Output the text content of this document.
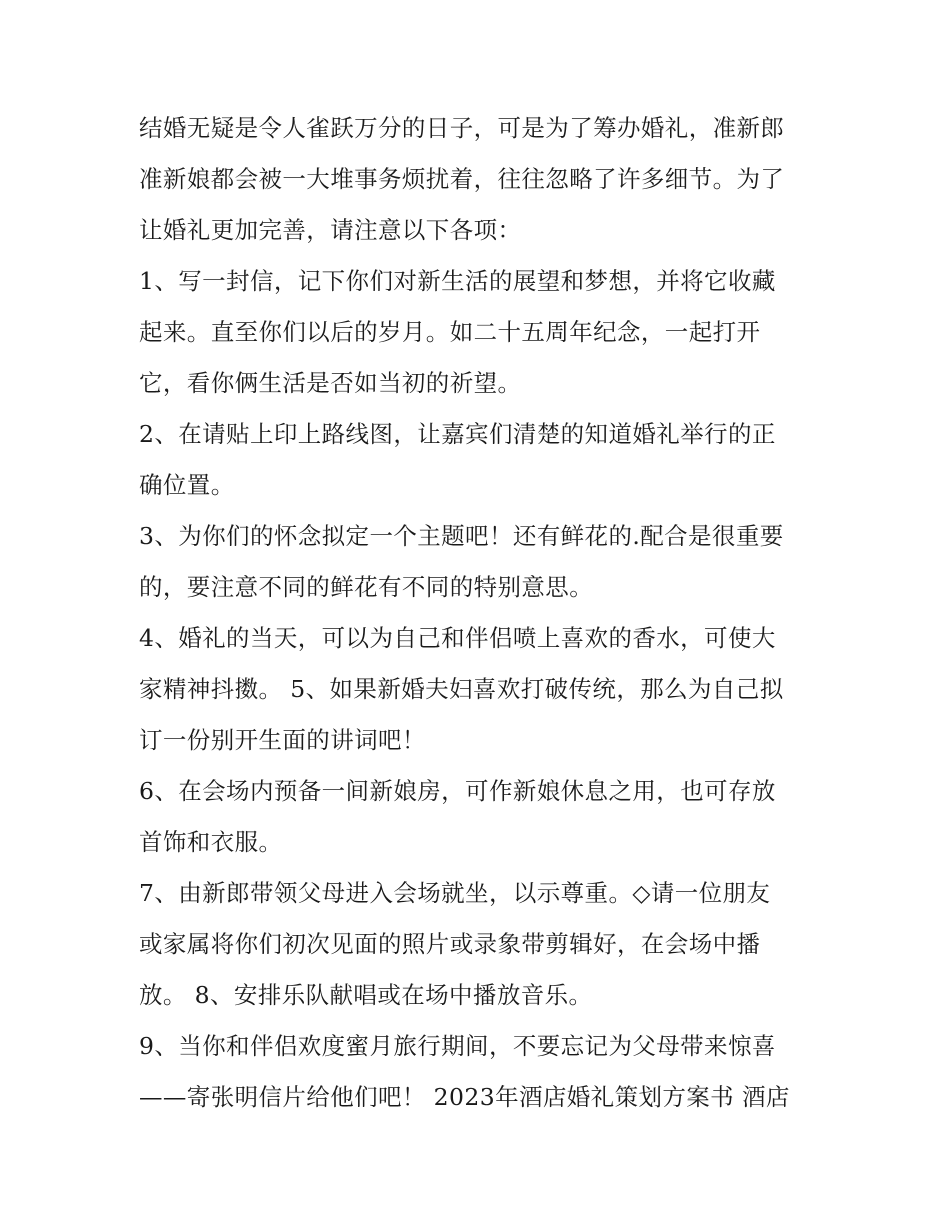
结婚无疑是令人雀跃万分的日子，可是为了筹办婚礼，准新郎
准新娘都会被一大堆事务烦扰着，往往忽略了许多细节。为了
让婚礼更加完善，请注意以下各项：
1、写一封信，记下你们对新生活的展望和梦想，并将它收藏
起来。直至你们以后的岁月。如二十五周年纪念，一起打开
它，看你俩生活是否如当初的祈望。
2、在请贴上印上路线图，让嘉宾们清楚的知道婚礼举行的正
确位置。
3、为你们的怀念拟定一个主题吧！还有鲜花的.配合是很重要
的，要注意不同的鲜花有不同的特别意思。
4、婚礼的当天，可以为自己和伴侣喷上喜欢的香水，可使大
家精神抖擞。 5、如果新婚夫妇喜欢打破传统，那么为自己拟
订一份别开生面的讲词吧！
6、在会场内预备一间新娘房，可作新娘休息之用，也可存放
首饰和衣服。
7、由新郎带领父母进入会场就坐，以示尊重。◇请一位朋友
或家属将你们初次见面的照片或录象带剪辑好，在会场中播
放。 8、安排乐队献唱或在场中播放音乐。
9、当你和伴侣欢度蜜月旅行期间，不要忘记为父母带来惊喜
——寄张明信片给他们吧！ 2023年酒店婚礼策划方案书 酒店
